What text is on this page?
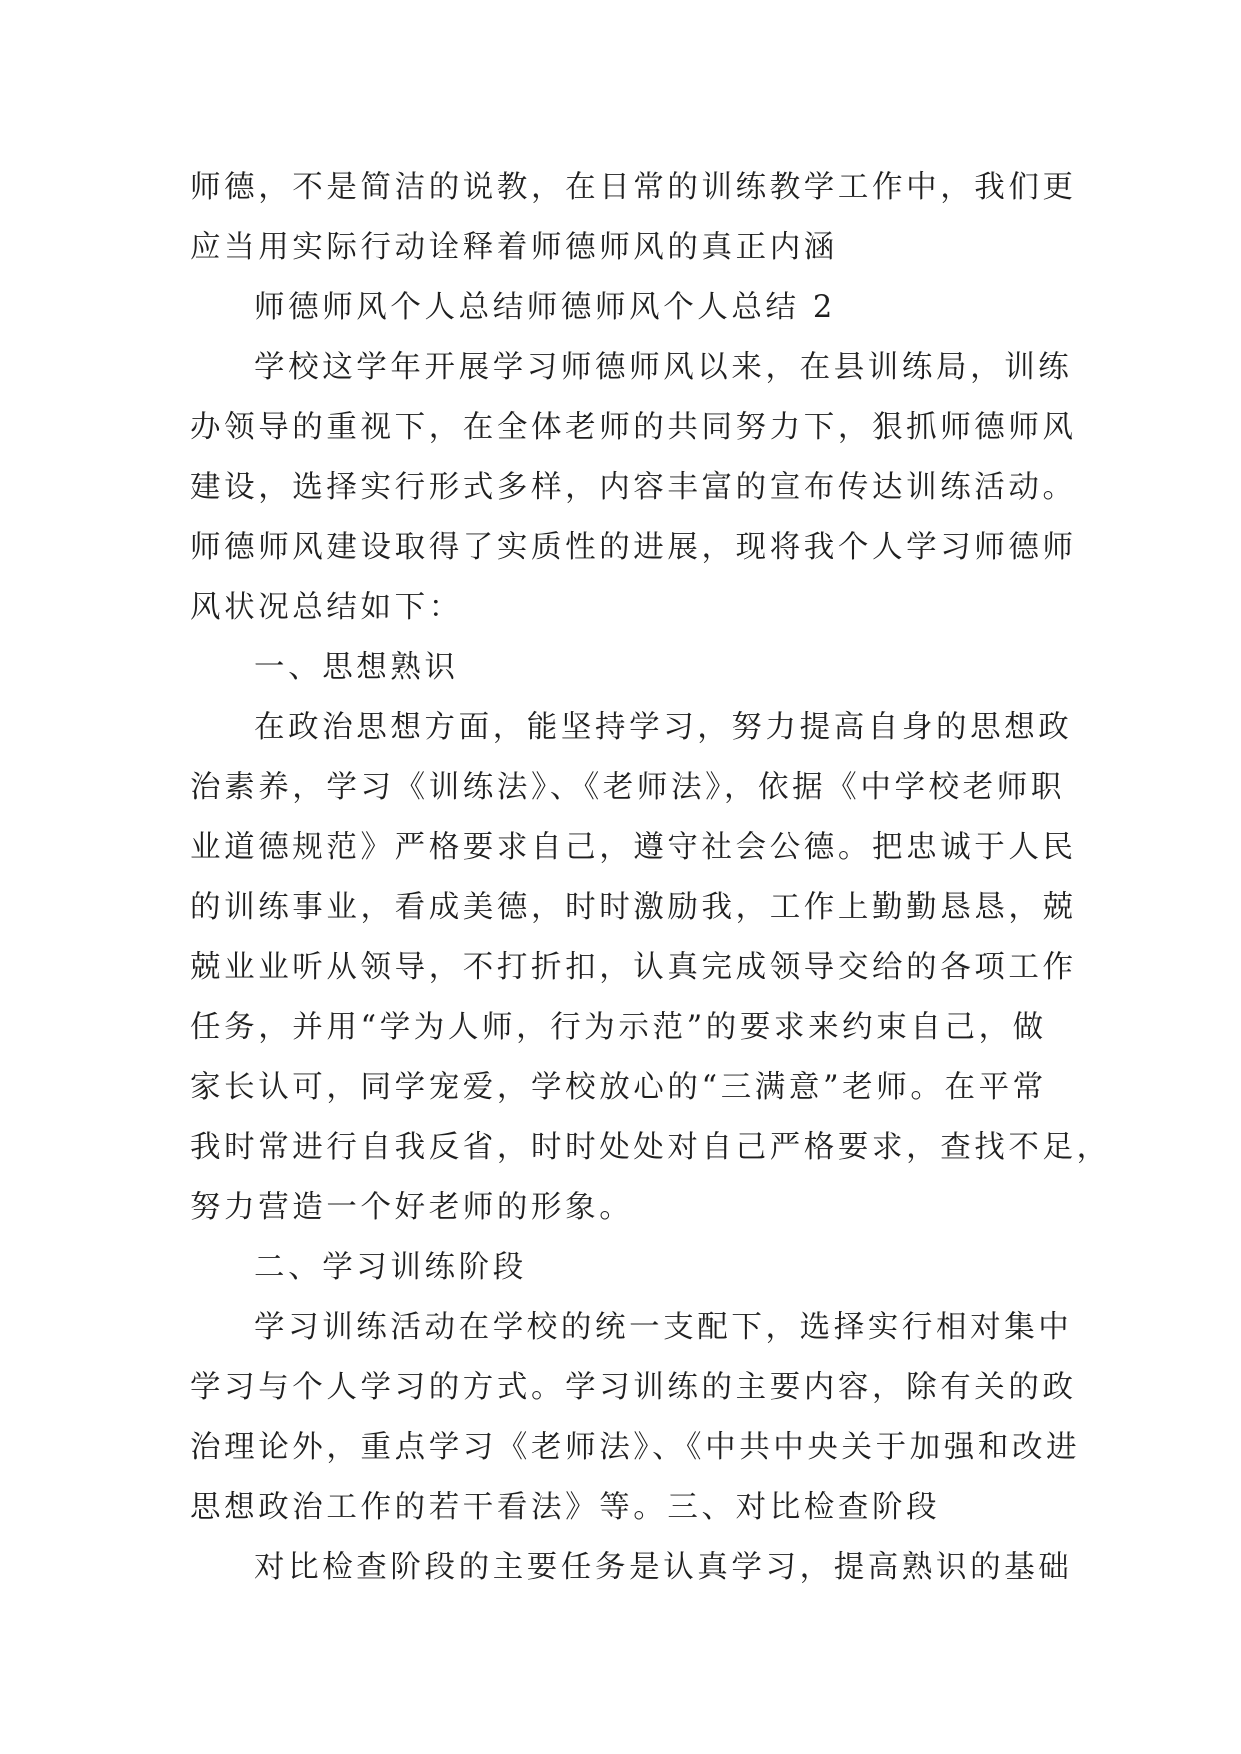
师德，不是简洁的说教，在日常的训练教学工作中，我们更
应当用实际行动诠释着师德师风的真正内涵
师德师风个人总结师德师风个人总结 2
学校这学年开展学习师德师风以来，在县训练局，训练
办领导的重视下，在全体老师的共同努力下，狠抓师德师风
建设，选择实行形式多样，内容丰富的宣布传达训练活动。
师德师风建设取得了实质性的进展，现将我个人学习师德师
风状况总结如下：
一、思想熟识
在政治思想方面，能坚持学习，努力提高自身的思想政
治素养，学习《训练法》、《老师法》，依据《中学校老师职
业道德规范》严格要求自己，遵守社会公德。把忠诚于人民
的训练事业，看成美德，时时激励我，工作上勤勤恳恳，兢
兢业业听从领导，不打折扣，认真完成领导交给的各项工作
任务，并用“学为人师，行为示范”的要求来约束自己，做
家长认可，同学宠爱，学校放心的“三满意”老师。在平常
我时常进行自我反省，时时处处对自己严格要求，查找不足，
努力营造一个好老师的形象。
二、学习训练阶段
学习训练活动在学校的统一支配下，选择实行相对集中
学习与个人学习的方式。学习训练的主要内容，除有关的政
治理论外，重点学习《老师法》、《中共中央关于加强和改进
思想政治工作的若干看法》等。三、对比检查阶段
对比检查阶段的主要任务是认真学习，提高熟识的基础
